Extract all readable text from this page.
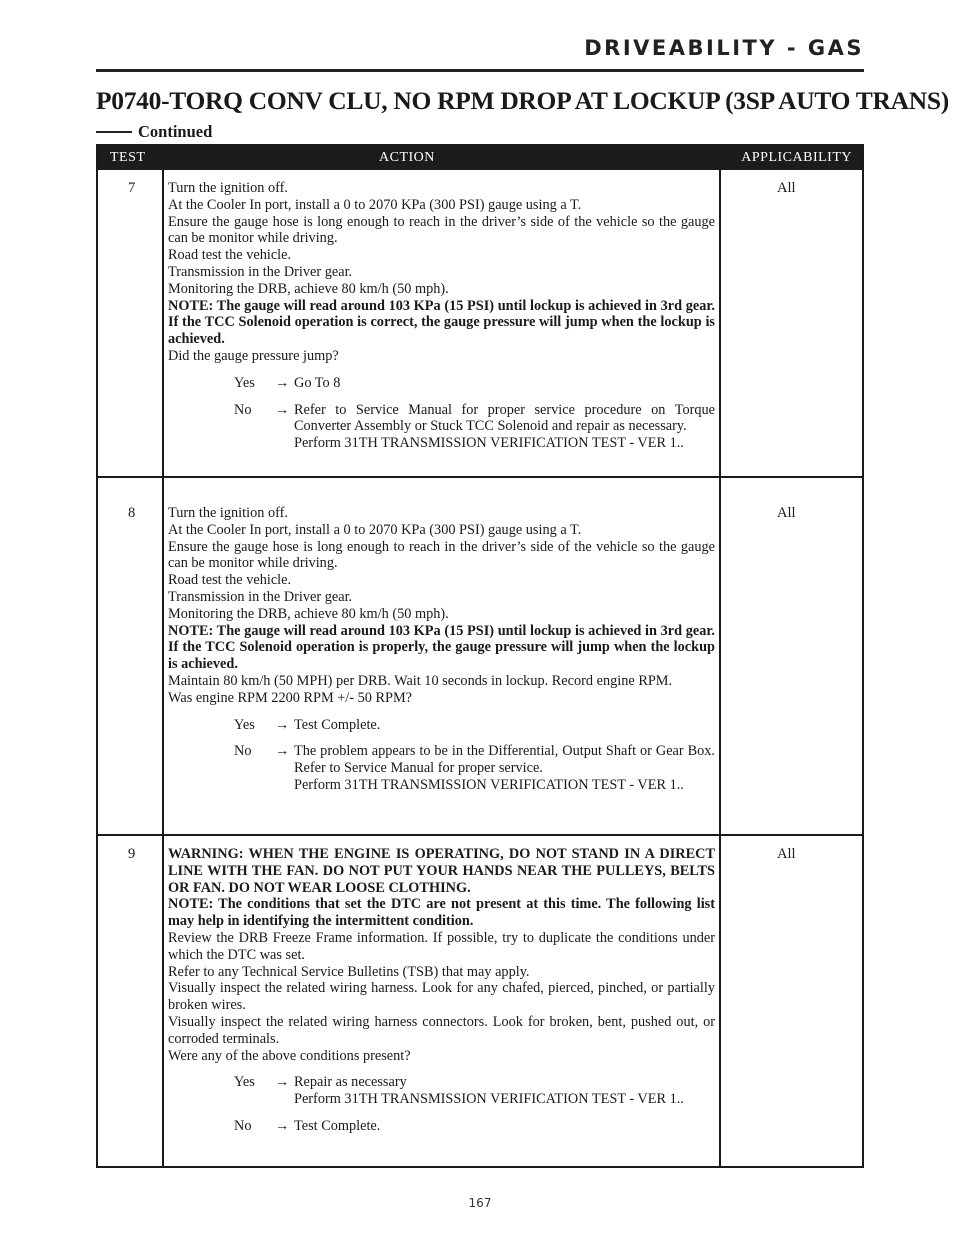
DRIVEABILITY - GAS
P0740-TORQ CONV CLU, NO RPM DROP AT LOCKUP (3SP AUTO TRANS)
Continued
TEST	ACTION	APPLICABILITY
7 Turn the ignition off.

At the Cooler In port, install a 0 to 2070 KPa (300 PSI) gauge using a T.

Ensure the gauge hose is long enough to reach in the driver’s side of the vehicle so the gauge can be monitor while driving.

Road test the vehicle.

Transmission in the Driver gear.

Monitoring the DRB, achieve 80 km/h (50 mph).

NOTE: The gauge will read around 103 KPa (15 PSI) until lockup is achieved in 3rd gear. If the TCC Solenoid operation is correct, the gauge pressure will jump when the lockup is achieved.

Did the gauge pressure jump?

Yes → Go To 8

No → Refer to Service Manual for proper service procedure on Torque Converter Assembly or Stuck TCC Solenoid and repair as necessary.

Perform 31TH TRANSMISSION VERIFICATION TEST - VER 1..

All
8 Turn the ignition off.

At the Cooler In port, install a 0 to 2070 KPa (300 PSI) gauge using a T.

Ensure the gauge hose is long enough to reach in the driver’s side of the vehicle so the gauge can be monitor while driving.

Road test the vehicle.

Transmission in the Driver gear.

Monitoring the DRB, achieve 80 km/h (50 mph).

NOTE: The gauge will read around 103 KPa (15 PSI) until lockup is achieved in 3rd gear. If the TCC Solenoid operation is properly, the gauge pressure will jump when the lockup is achieved.

Maintain 80 km/h (50 MPH) per DRB. Wait 10 seconds in lockup. Record engine RPM.

Was engine RPM 2200 RPM +/- 50 RPM?

Yes → Test Complete.

No → The problem appears to be in the Differential, Output Shaft or Gear Box. Refer to Service Manual for proper service.

Perform 31TH TRANSMISSION VERIFICATION TEST - VER 1..

All
9 WARNING: WHEN THE ENGINE IS OPERATING, DO NOT STAND IN A DIRECT LINE WITH THE FAN. DO NOT PUT YOUR HANDS NEAR THE PULLEYS, BELTS OR FAN. DO NOT WEAR LOOSE CLOTHING.

NOTE: The conditions that set the DTC are not present at this time. The following list may help in identifying the intermittent condition.

Review the DRB Freeze Frame information. If possible, try to duplicate the conditions under which the DTC was set.

Refer to any Technical Service Bulletins (TSB) that may apply.

Visually inspect the related wiring harness. Look for any chafed, pierced, pinched, or partially broken wires.

Visually inspect the related wiring harness connectors. Look for broken, bent, pushed out, or corroded terminals.

Were any of the above conditions present?

Yes → Repair as necessary

Perform 31TH TRANSMISSION VERIFICATION TEST - VER 1..

No → Test Complete.

All
167
